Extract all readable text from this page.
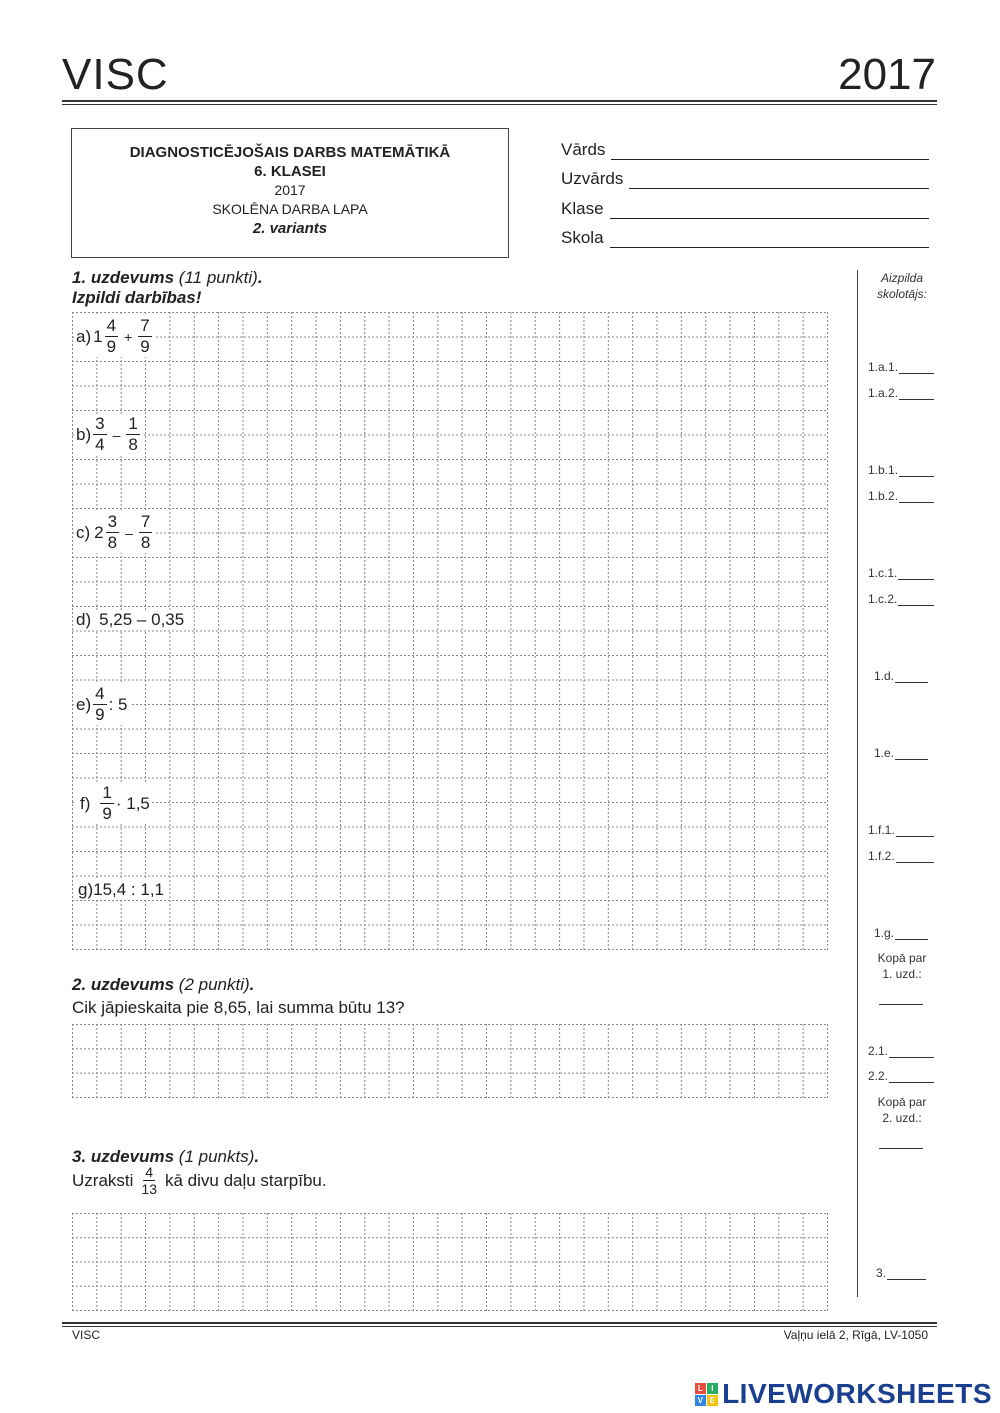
VISC	2017
DIAGNOSTICĒJOŠAIS DARBS MATEMĀTIKĀ
6. KLASEI
2017
SKOLĒNA DARBA LAPA
2. variants
Vārds
Uzvārds
Klase
Skola
Aizpilda skolotājs:
1.a.1.
1.a.2.
1.b.1.
1.b.2.
1.c.1.
1.c.2.
1.d.
1.e.
1.f.1.
1.f.2.
1.g.
Kopā par 1. uzd.:
2.1.
2.2.
Kopā par 2. uzd.:
3.
1. uzdevums (11 punkti).
Izpildi darbības!
a) $1 \frac{4}{9} + \frac{7}{9}$
$b) \frac{3}{4} - \frac{1}{8}$
c) $2 \frac{3}{8} - \frac{7}{8}$
d) 5,25 – 0,35
$e) \frac{4}{9}$ : 5
$f) \frac{1}{9} \cdot 1,5$
g) 15,4 : 1,1
2. uzdevums (2 punkti).
Cik jāpieskaita pie 8,65, lai summa būtu 13?
3. uzdevums (1 punkts).
Uzraksti $\frac{4}{13}$ kā divu daļu starpību.
VISC	Vaļņu ielā 2, Rīgā, LV-1050
L I
V E LIVEWORKSHEETS
